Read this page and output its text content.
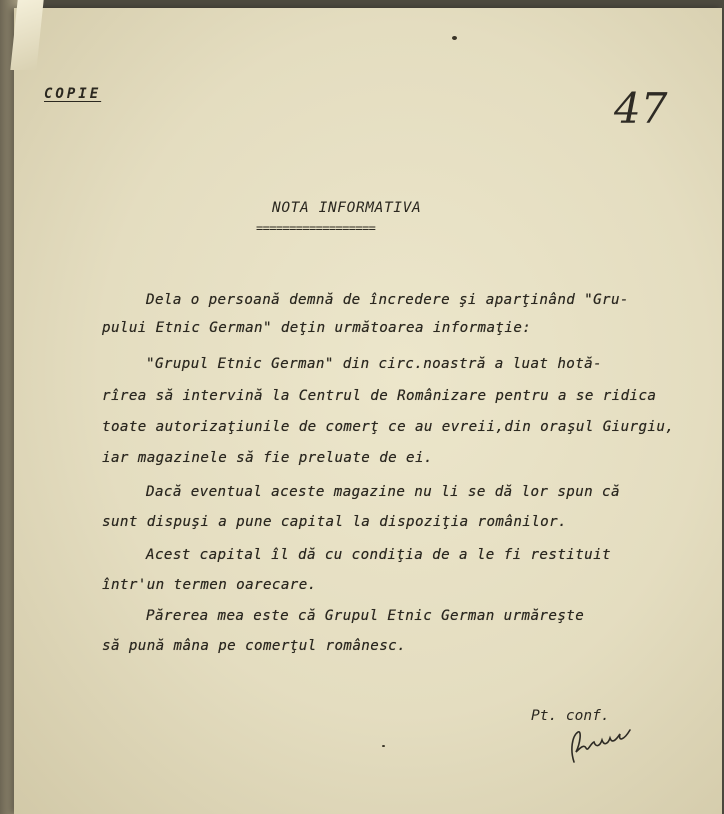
COPIE	47
NOTA INFORMATIVA
==================
Dela o persoană demnă de încredere şi aparţinând "Gru-
pului Etnic German" deţin următoarea informaţie:
"Grupul Etnic German" din circ.noastră a luat hotă-
rîrea să intervină la Centrul de Românizare pentru a se ridica
toate autorizaţiunile de comerţ ce au evreii,din oraşul Giurgiu,
iar magazinele să fie preluate de ei.
Dacă eventual aceste magazine nu li se dă lor spun că
sunt dispuşi a pune capital la dispoziţia românilor.
Acest capital îl dă cu condiţia de a le fi restituit
într'un termen oarecare.
Părerea mea este că Grupul Etnic German urmăreşte
să pună mâna pe comerţul românesc.
Pt. conf.
